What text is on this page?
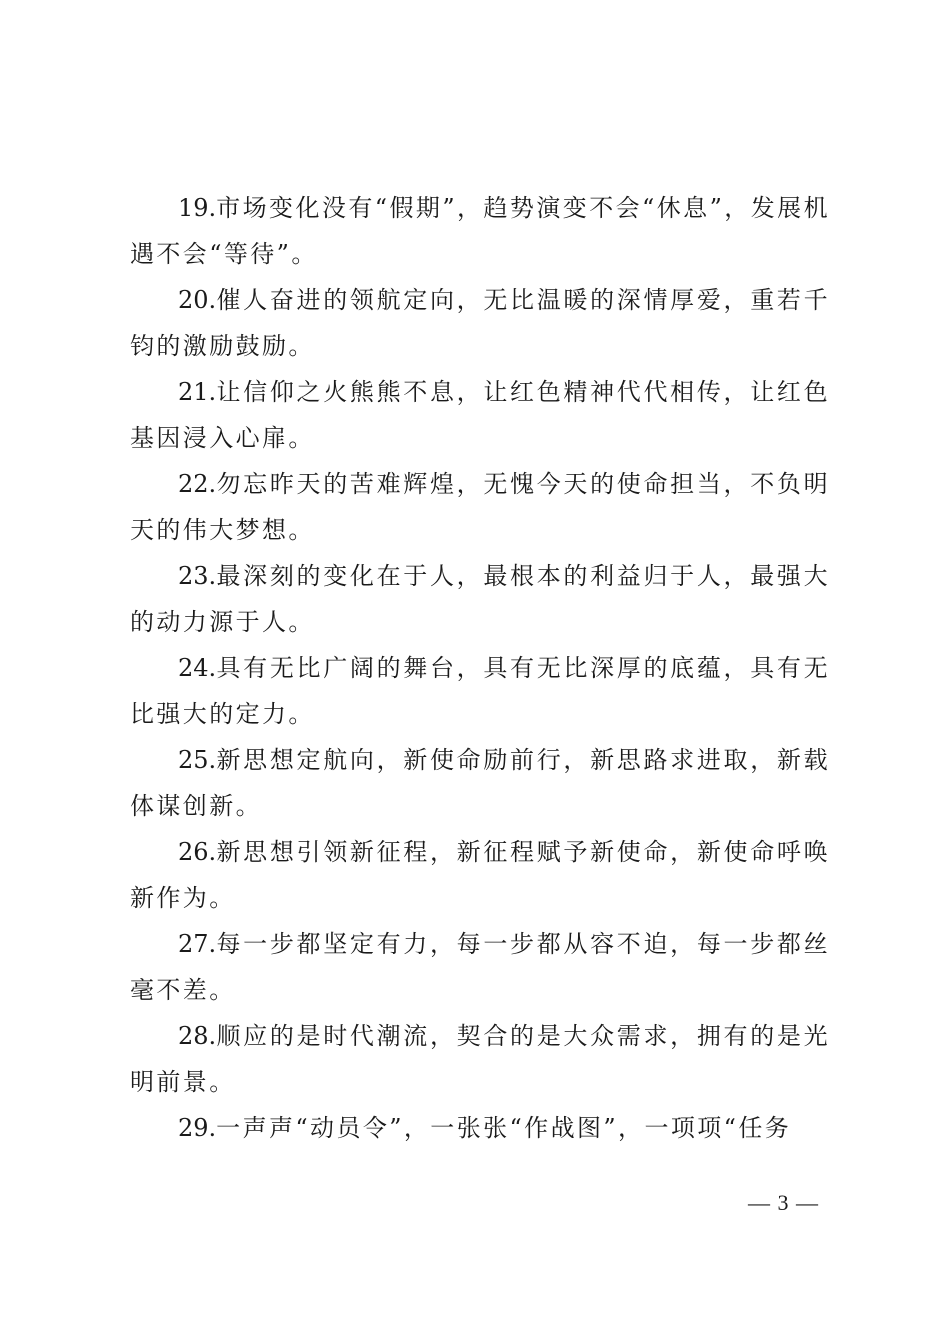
19.市场变化没有“假期”，趋势演变不会“休息”，发展机遇不会“等待”。

20.催人奋进的领航定向，无比温暖的深情厚爱，重若千钧的激励鼓励。

21.让信仰之火熊熊不息，让红色精神代代相传，让红色基因浸入心扉。

22.勿忘昨天的苦难辉煌，无愧今天的使命担当，不负明天的伟大梦想。

23.最深刻的变化在于人，最根本的利益归于人，最强大的动力源于人。

24.具有无比广阔的舞台，具有无比深厚的底蕴，具有无比强大的定力。

25.新思想定航向，新使命励前行，新思路求进取，新载体谋创新。

26.新思想引领新征程，新征程赋予新使命，新使命呼唤新作为。

27.每一步都坚定有力，每一步都从容不迫，每一步都丝毫不差。

28.顺应的是时代潮流，契合的是大众需求，拥有的是光明前景。

29.一声声“动员令”，一张张“作战图”，一项项“任务

— 3 —
